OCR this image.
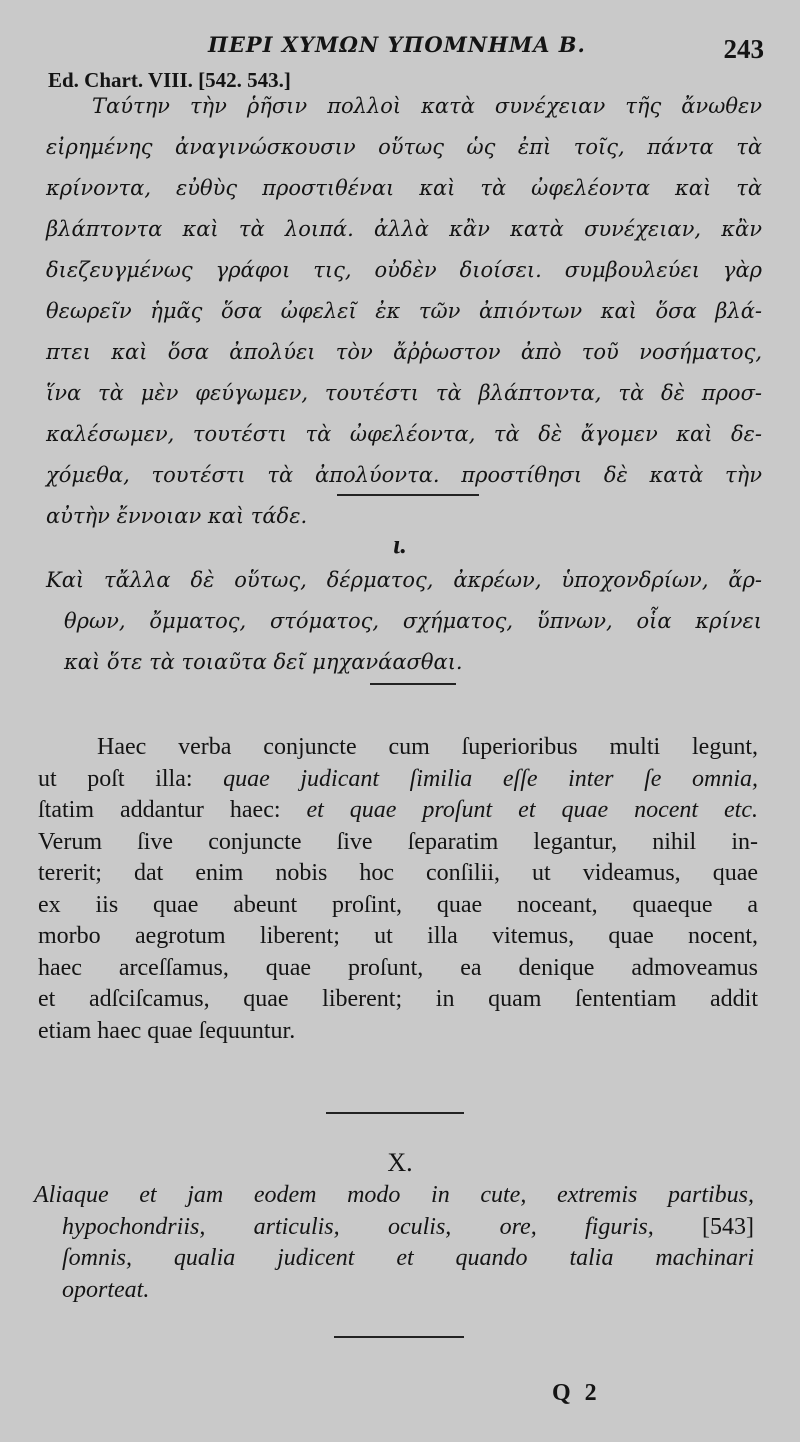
ΠΕΡΙ ΧΥΜΩΝ ΥΠΟΜΝΗΜΑ Β.	243
Ed. Chart. VIII. [542. 543.]
Ταύτην τὴν ῥῆσιν πολλοὶ κατὰ συνέχειαν τῆς ἄνωθεν
εἰρημένης ἀναγινώσκουσιν οὕτως ὡς ἐπὶ τοῖς, πάντα τὰ
κρίνοντα, εὐθὺς προστιθέναι καὶ τὰ ὠφελέοντα καὶ τὰ
βλάπτοντα καὶ τὰ λοιπά. ἀλλὰ κἂν κατὰ συνέχειαν, κἂν
διεζευγμένως γράφοι τις, οὐδὲν διοίσει. συμβουλεύει γὰρ
θεωρεῖν ἡμᾶς ὅσα ὠφελεῖ ἐκ τῶν ἀπιόντων καὶ ὅσα βλά-
πτει καὶ ὅσα ἀπολύει τὸν ἄῤῥωστον ἀπὸ τοῦ νοσήματος,
ἵνα τὰ μὲν φεύγωμεν, τουτέστι τὰ βλάπτοντα, τὰ δὲ προσ-
καλέσωμεν, τουτέστι τὰ ὠφελέοντα, τὰ δὲ ἄγομεν καὶ δε-
χόμεθα, τουτέστι τὰ ἀπολύοντα. προστίθησι δὲ κατὰ τὴν
αὐτὴν ἔννοιαν καὶ τάδε.
ι.
Καὶ τἄλλα δὲ οὕτως, δέρματος, ἀκρέων, ὑποχονδρίων, ἄρ-
θρων, ὄμματος, στόματος, σχήματος, ὕπνων, οἷα κρίνει
καὶ ὅτε τὰ τοιαῦτα δεῖ μηχανάασθαι.
Haec verba conjuncte cum ſuperioribus multi legunt,
ut poſt illa: quae judicant ſimilia eſſe inter ſe omnia,
ſtatim addantur haec: et quae proſunt et quae nocent etc.
Verum ſive conjuncte ſive ſeparatim legantur, nihil in-
tererit; dat enim nobis hoc conſilii, ut videamus, quae
ex iis quae abeunt proſint, quae noceant, quaeque a
morbo aegrotum liberent; ut illa vitemus, quae nocent,
haec arceſſamus, quae proſunt, ea denique admoveamus
et adſciſcamus, quae liberent; in quam ſententiam addit
etiam haec quae ſequuntur.
X.
Aliaque et jam eodem modo in cute, extremis partibus,
hypochondriis, articulis, oculis, ore, figuris, [543]
ſomnis, qualia judicent et quando talia machinari
oporteat.
Q 2
